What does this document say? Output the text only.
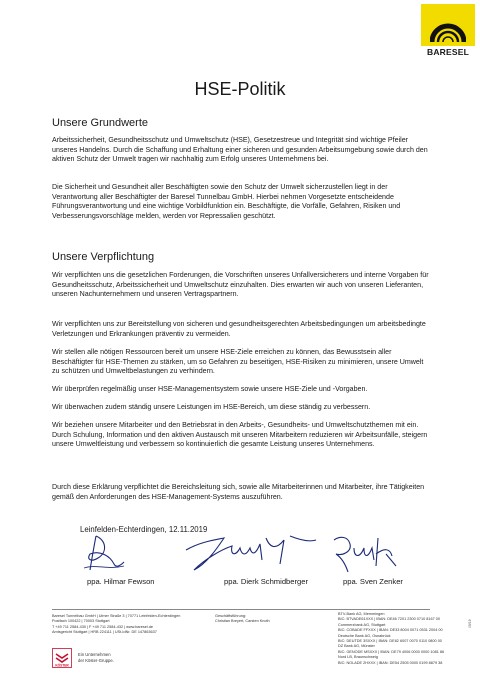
BARESEL
HSE-Politik
Unsere Grundwerte

Arbeitssicherheit, Gesundheitsschutz und Umweltschutz (HSE), Gesetzestreue und Integrität sind wichtige Pfeiler unseres Handelns. Durch die Schaffung und Erhaltung einer sicheren und gesunden Arbeitsumgebung sowie durch den aktiven Schutz der Umwelt tragen wir nachhaltig zum Erfolg unseres Unternehmens bei.

Die Sicherheit und Gesundheit aller Beschäftigten sowie den Schutz der Umwelt sicherzustellen liegt in der Verantwortung aller Beschäftigter der Baresel Tunnelbau GmbH. Hierbei nehmen Vorgesetzte entscheidende Führungsverantwortung und eine wichtige Vorbildfunktion ein. Beschäftigte, die Vorfälle, Gefahren, Risiken und Verbesserungsvorschläge melden, werden vor Repressalien geschützt.

Unsere Verpflichtung

Wir verpflichten uns die gesetzlichen Forderungen, die Vorschriften unseres Unfallversicherers und interne Vorgaben für Gesundheitsschutz, Arbeitssicherheit und Umweltschutz einzuhalten. Dies erwarten wir auch von unseren Lieferanten, unseren Nachunternehmern und unseren Vertragspartnern.

Wir verpflichten uns zur Bereitstellung von sicheren und gesundheitsgerechten Arbeitsbedingungen um arbeitsbedingte Verletzungen und Erkrankungen präventiv zu vermeiden.

Wir stellen alle nötigen Ressourcen bereit um unsere HSE-Ziele erreichen zu können, das Bewusstsein aller Beschäftigter für HSE-Themen zu stärken, um so Gefahren zu beseitigen, HSE-Risiken zu minimieren, unsere Umwelt zu schützen und Umweltbelastungen zu verhindern.

Wir überprüfen regelmäßig unser HSE-Managementsystem sowie unsere HSE-Ziele und -Vorgaben.

Wir überwachen zudem ständig unsere Leistungen im HSE-Bereich, um diese ständig zu verbessern.

Wir beziehen unsere Mitarbeiter und den Betriebsrat in den Arbeits-, Gesundheits- und Umweltschutzthemen mit ein. Durch Schulung, Information und den aktiven Austausch mit unseren Mitarbeitern reduzieren wir Arbeitsunfälle, steigern unsere Umweltleistung und verbessern so kontinuierlich die gesamte Leistung unseres Unternehmens.

Durch diese Erklärung verpflichtet die Bereichsleitung sich, sowie alle Mitarbeiterinnen und Mitarbeiter, ihre Tätigkeiten gemäß den Anforderungen des HSE-Management-Systems auszuführen.

Leinfelden-Echterdingen, 12.11.2019
ppa. Hilmar Fewson	ppa. Dierk Schmidberger	ppa. Sven Zenker
Baresel Tunnelbau GmbH | Ulmer Straße 3 | 70771 Leinfelden-Echterdingen
Postfach 100422 | 70003 Stuttgart
T +49 711 2584-430 | F +49 711 2584-432 | www.baresel.de
Amtsgericht Stuttgart | HRB 224111 | USt-IdNr. DE 147863637
Geschäftsführung:
Christian Breyert, Carsten Knoth
BTV-Bank AG, Memmingen
BIC: BTVADE61XXX | IBAN: DE46 7201 2300 0710 8167 00
Commerzbank AG, Stuttgart
BIC: COBADE FFXXX | IBAN: DE33 8004 0071 0531 2004 00
Deutsche Bank AG, Osnabrück
BIC: DEUTDE 3SXXX | IBAN: DE62 6007 0070 0110 0800 00
DZ Bank AG, Münster
BIC: GENODE MSXXX | IBAN: DE79 4006 0000 0000 1081 86
Nord LB, Braunschweig
BIC: NOLADE 2HXXX | IBAN: DE54 2505 0000 0199 8879 38
KÖSTER
Ein Unternehmen
der Köster-Gruppe.
09/19
